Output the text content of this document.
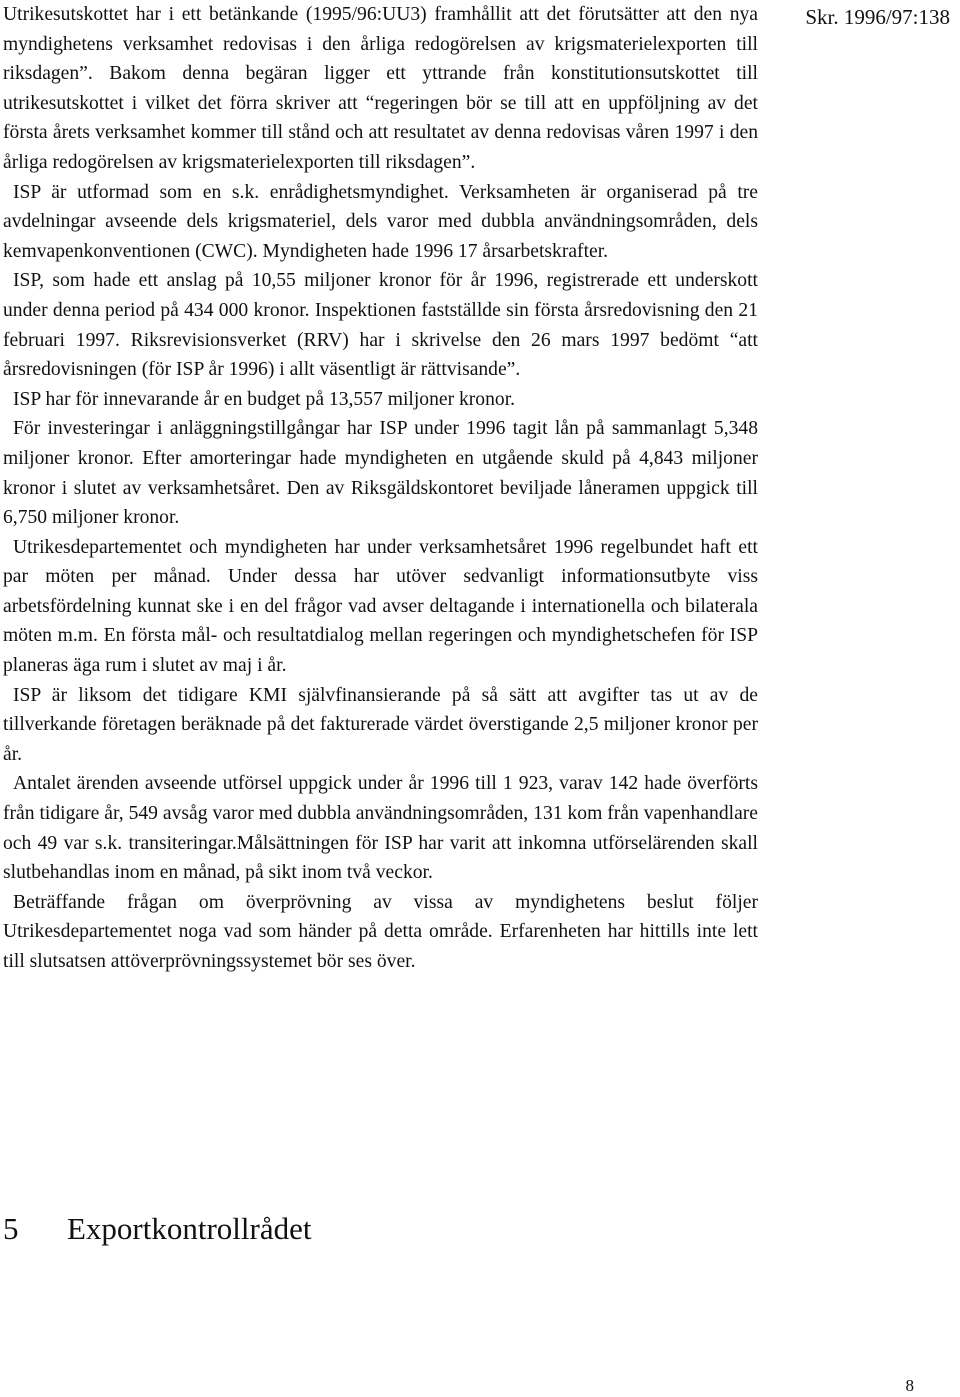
Skr. 1996/97:138

Utrikesutskottet har i ett betänkande (1995/96:UU3) framhållit att det förutsätter att den nya myndighetens verksamhet redovisas i den årliga redogörelsen av krigsmaterielexporten till riksdagen”. Bakom denna begäran ligger ett yttrande från konstitutionsutskottet till utrikesutskottet i vilket det förra skriver att “regeringen bör se till att en uppföljning av det första årets verksamhet kommer till stånd och att resultatet av denna redovisas våren 1997 i den årliga redogörelsen av krigsmaterielexporten till riksdagen”.

ISP är utformad som en s.k. enrådighetsmyndighet. Verksamheten är organiserad på tre avdelningar avseende dels krigsmateriel, dels varor med dubbla användningsområden, dels kemvapenkonventionen (CWC). Myndigheten hade 1996 17 årsarbetskrafter.

ISP, som hade ett anslag på 10,55 miljoner kronor för år 1996, registrerade ett underskott under denna period på 434 000 kronor. Inspektionen fastställde sin första årsredovisning den 21 februari 1997. Riksrevisionsverket (RRV) har i skrivelse den 26 mars 1997 bedömt “att årsredovisningen (för ISP år 1996) i allt väsentligt är rättvisande”.

ISP har för innevarande år en budget på 13,557 miljoner kronor.

För investeringar i anläggningstillgångar har ISP under 1996 tagit lån på sammanlagt 5,348 miljoner kronor. Efter amorteringar hade myndigheten en utgående skuld på 4,843 miljoner kronor i slutet av verksamhetsåret. Den av Riksgäldskontoret beviljade låneramen uppgick till 6,750 miljoner kronor.

Utrikesdepartementet och myndigheten har under verksamhetsåret 1996 regelbundet haft ett par möten per månad. Under dessa har utöver sedvanligt informationsutbyte viss arbetsfördelning kunnat ske i en del frågor vad avser deltagande i internationella och bilaterala möten m.m. En första mål- och resultatdialog mellan regeringen och myndighetschefen för ISP planeras äga rum i slutet av maj i år.

ISP är liksom det tidigare KMI självfinansierande på så sätt att avgifter tas ut av de tillverkande företagen beräknade på det fakturerade värdet överstigande 2,5 miljoner kronor per år.

Antalet ärenden avseende utförsel uppgick under år 1996 till 1 923, varav 142 hade överförts från tidigare år, 549 avsåg varor med dubbla användningsområden, 131 kom från vapenhandlare och 49 var s.k. transiteringar.Målsättningen för ISP har varit att inkomna utförselärenden skall slutbehandlas inom en månad, på sikt inom två veckor.

Beträffande frågan om överprövning av vissa av myndighetens beslut följer Utrikesdepartementet noga vad som händer på detta område. Erfarenheten har hittills inte lett till slutsatsen attöverprövningssystemet bör ses över.

5 Exportkontrollrådet
8
